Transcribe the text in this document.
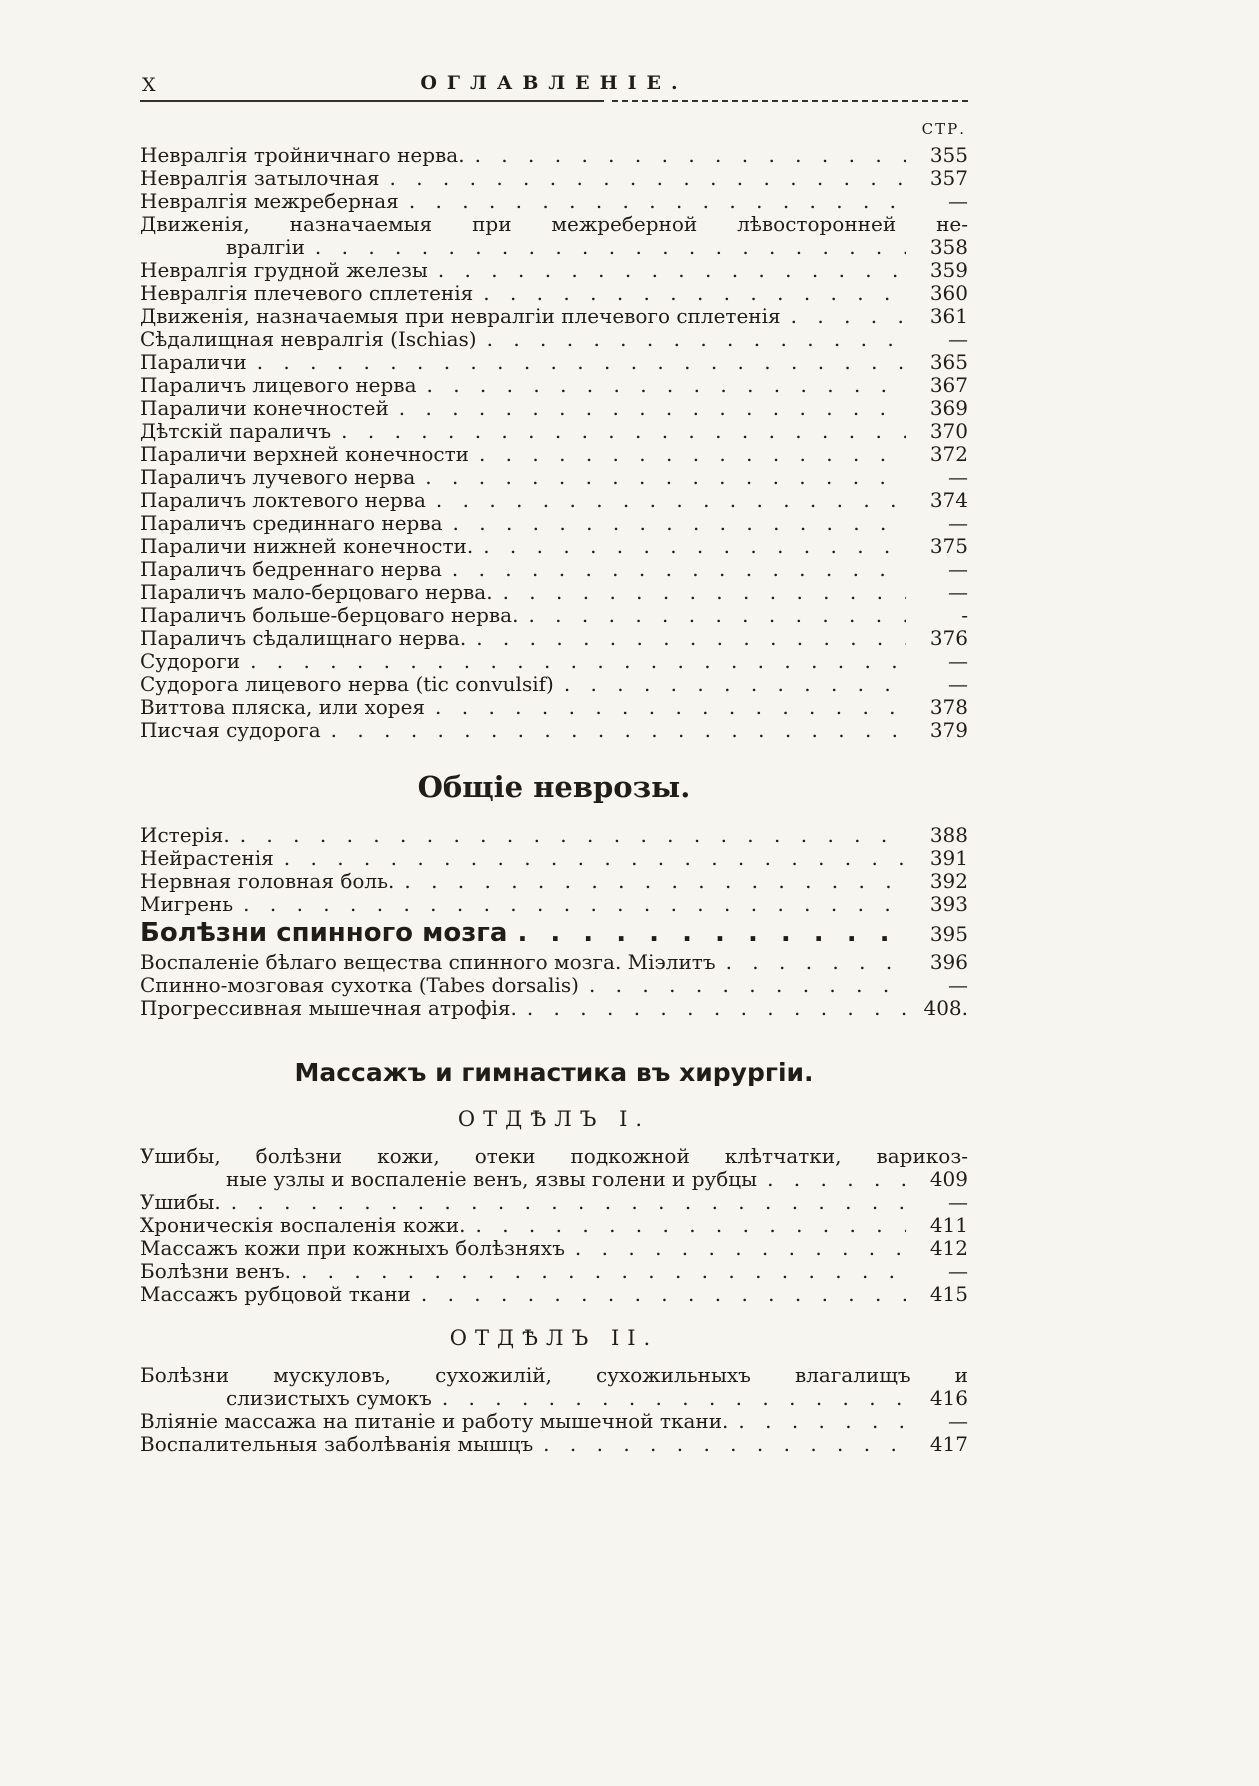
X	ОГЛАВЛЕНІЕ.
СТР.
Невралгія тройничнаго нерва. . . .	355
Невралгія затылочная . . .	357
Невралгія межреберная . . .	—
Движенія, назначаемыя при межреберной лѣвосторонней не-
вралгіи . . .	358
Невралгія грудной железы . . .	359
Невралгія плечевого сплетенія . . .	360
Движенія, назначаемыя при невралгіи плечевого сплетенія . . .	361
Сѣдалищная невралгія (Ischias) . . .	—
Параличи . . .	365
Параличъ лицевого нерва . . .	367
Параличи конечностей . . .	369
Дѣтскій параличъ . . .	370
Параличи верхней конечности . . .	372
Параличъ лучевого нерва . . .	—
Параличъ локтевого нерва . . .	374
Параличъ срединнаго нерва . . .	—
Параличи нижней конечности. . . .	375
Параличъ бедреннаго нерва . . .	—
Параличъ мало-берцоваго нерва. . . .	—
Параличъ больше-берцоваго нерва. . . .	-
Параличъ сѣдалищнаго нерва. . . .	376
Судороги . . .	—
Судорога лицевого нерва (tic convulsif) . . .	—
Виттова пляска, или хорея . . .	378
Писчая судорога . . .	379
Общіе неврозы.
Истерія. . . .	388
Нейрастенія . . .	391
Нервная головная боль. . . .	392
Мигрень . . .	393
Болѣзни спинного мозга . . .	395
Воспаленіе бѣлаго вещества спинного мозга. Міэлитъ . . .	396
Спинно-мозговая сухотка (Tabes dorsalis) . . .	—
Прогрессивная мышечная атрофія. . . .	408.
Массажъ и гимнастика въ хирургіи.
ОТДѢЛЪ I.
Ушибы, болѣзни кожи, отеки подкожной клѣтчатки, варикоз-
ные узлы и воспаленіе венъ, язвы голени и рубцы . . .	409
Ушибы. . . .	—
Хроническія воспаленія кожи. . . .	411
Массажъ кожи при кожныхъ болѣзняхъ . . .	412
Болѣзни венъ. . . .	—
Массажъ рубцовой ткани . . .	415
ОТДѢЛЪ II.
Болѣзни мускуловъ, сухожилій, сухожильныхъ влагалищъ и
слизистыхъ сумокъ . . .	416
Вліяніе массажа на питаніе и работу мышечной ткани. . . .	—
Воспалительныя заболѣванія мышцъ . . .	417
